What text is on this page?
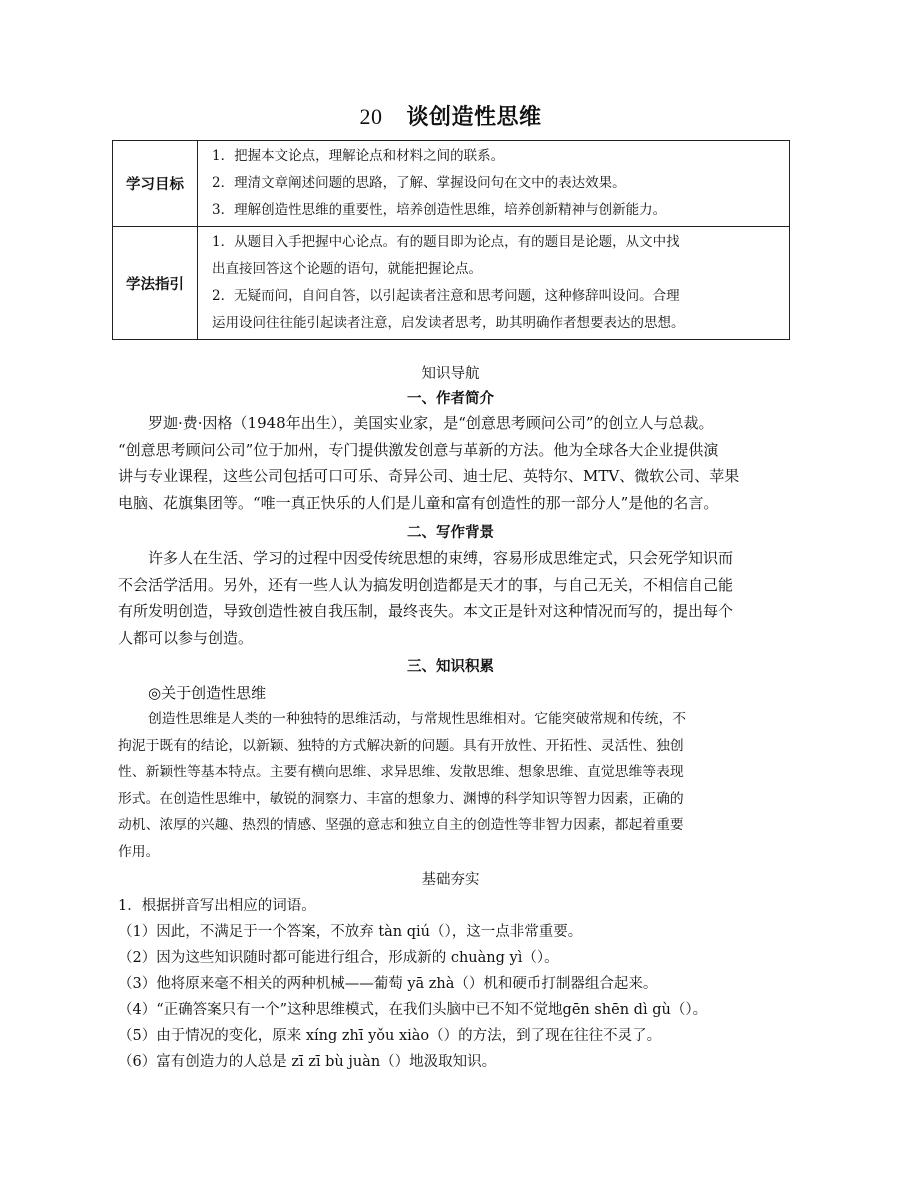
20 谈创造性思维
学习目标	1．把握本文论点，理解论点和材料之间的联系。
2．理清文章阐述问题的思路，了解、掌握设问句在文中的表达效果。
3．理解创造性思维的重要性，培养创造性思维，培养创新精神与创新能力。

学法指引	1．从题目入手把握中心论点。有的题目即为论点，有的题目是论题，从文中找
出直接回答这个论题的语句，就能把握论点。
2．无疑而问，自问自答，以引起读者注意和思考问题，这种修辞叫设问。合理
运用设问往往能引起读者注意，启发读者思考，助其明确作者想要表达的思想。
知识导航
一、作者简介
罗迦·费·因格（1948年出生），美国实业家，是“创意思考顾问公司”的创立人与总裁。
“创意思考顾问公司”位于加州，专门提供激发创意与革新的方法。他为全球各大企业提供演
讲与专业课程，这些公司包括可口可乐、奇异公司、迪士尼、英特尔、MTV、微软公司、苹果
电脑、花旗集团等。“唯一真正快乐的人们是儿童和富有创造性的那一部分人”是他的名言。
二、写作背景
许多人在生活、学习的过程中因受传统思想的束缚，容易形成思维定式，只会死学知识而
不会活学活用。另外，还有一些人认为搞发明创造都是天才的事，与自己无关，不相信自己能
有所发明创造，导致创造性被自我压制，最终丧失。本文正是针对这种情况而写的，提出每个
人都可以参与创造。
三、知识积累
◎关于创造性思维
创造性思维是人类的一种独特的思维活动，与常规性思维相对。它能突破常规和传统，不
拘泥于既有的结论，以新颖、独特的方式解决新的问题。具有开放性、开拓性、灵活性、独创
性、新颖性等基本特点。主要有横向思维、求异思维、发散思维、想象思维、直觉思维等表现
形式。在创造性思维中，敏锐的洞察力、丰富的想象力、渊博的科学知识等智力因素，正确的
动机、浓厚的兴趣、热烈的情感、坚强的意志和独立自主的创造性等非智力因素，都起着重要
作用。
基础夯实
1．根据拼音写出相应的词语。
（1）因此，不满足于一个答案，不放弃 tàn qiú（），这一点非常重要。
（2）因为这些知识随时都可能进行组合，形成新的 chuàng yì（）。
（3）他将原来毫不相关的两种机械——葡萄 yā zhà（）机和硬币打制器组合起来。
（4）“正确答案只有一个”这种思维模式，在我们头脑中已不知不觉地gēn shēn dì gù（）。
（5）由于情况的变化，原来 xíng zhī yǒu xiào（）的方法，到了现在往往不灵了。
（6）富有创造力的人总是 zī zī bù juàn（）地汲取知识。
